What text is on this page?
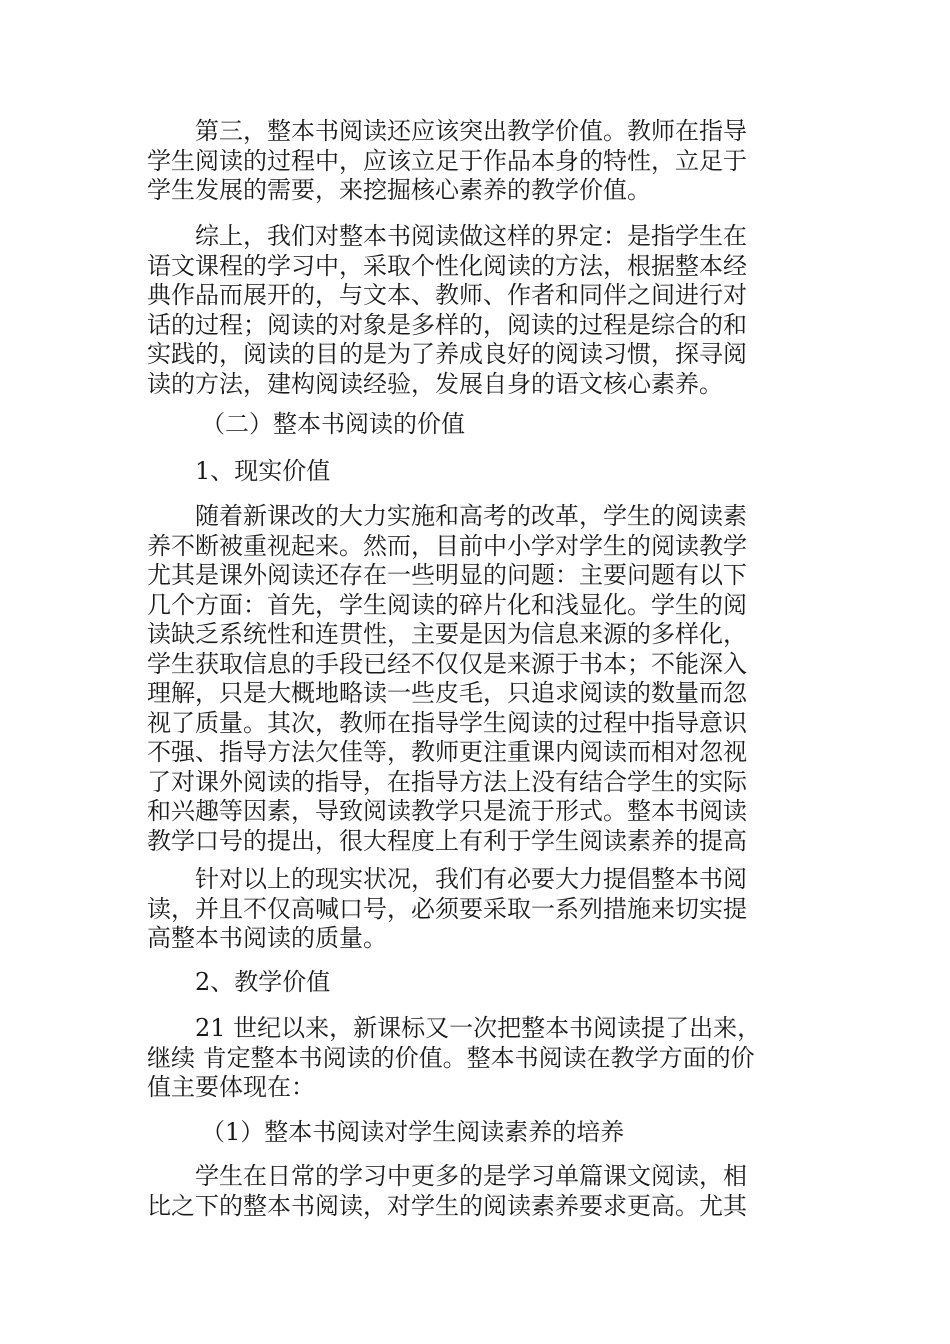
第三，整本书阅读还应该突出教学价值。教师在指导
学生阅读的过程中，应该立足于作品本身的特性，立足于
学生发展的需要，来挖掘核心素养的教学价值。

综上，我们对整本书阅读做这样的界定：是指学生在
语文课程的学习中，采取个性化阅读的方法，根据整本经
典作品而展开的，与文本、教师、作者和同伴之间进行对
话的过程；阅读的对象是多样的，阅读的过程是综合的和
实践的，阅读的目的是为了养成良好的阅读习惯，探寻阅
读的方法，建构阅读经验，发展自身的语文核心素养。

（二）整本书阅读的价值

1、现实价值

随着新课改的大力实施和高考的改革，学生的阅读素
养不断被重视起来。然而，目前中小学对学生的阅读教学
尤其是课外阅读还存在一些明显的问题：主要问题有以下
几个方面：首先，学生阅读的碎片化和浅显化。学生的阅
读缺乏系统性和连贯性，主要是因为信息来源的多样化，
学生获取信息的手段已经不仅仅是来源于书本；不能深入
理解，只是大概地略读一些皮毛，只追求阅读的数量而忽
视了质量。其次，教师在指导学生阅读的过程中指导意识
不强、指导方法欠佳等，教师更注重课内阅读而相对忽视
了对课外阅读的指导，在指导方法上没有结合学生的实际
和兴趣等因素，导致阅读教学只是流于形式。整本书阅读
教学口号的提出，很大程度上有利于学生阅读素养的提高

针对以上的现实状况，我们有必要大力提倡整本书阅
读，并且不仅高喊口号，必须要采取一系列措施来切实提
高整本书阅读的质量。

2、教学价值

21 世纪以来，新课标又一次把整本书阅读提了出来，
继续 肯定整本书阅读的价值。整本书阅读在教学方面的价
值主要体现在：

（1）整本书阅读对学生阅读素养的培养

学生在日常的学习中更多的是学习单篇课文阅读，相
比之下的整本书阅读，对学生的阅读素养要求更高。尤其
